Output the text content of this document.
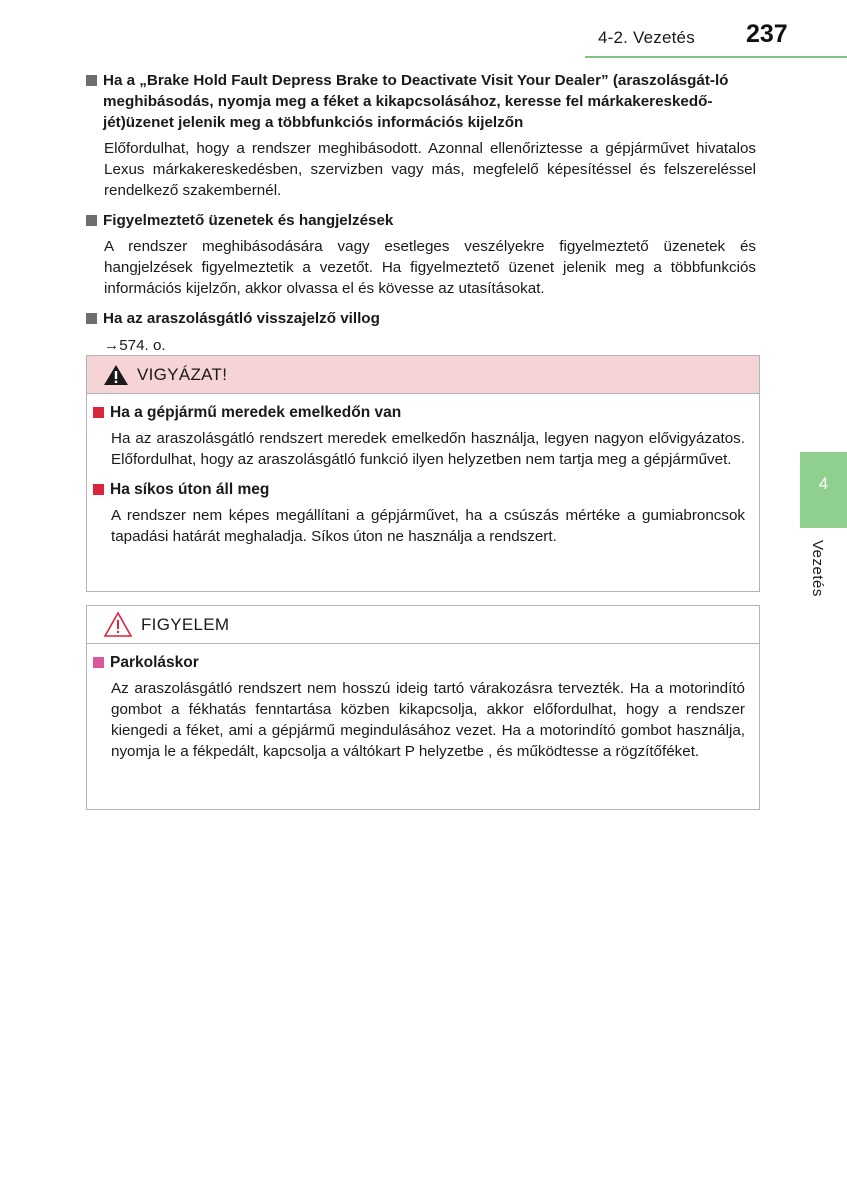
4-2. Vezetés 237
Ha a „Brake Hold Fault Depress Brake to Deactivate Visit Your Dealer” (araszolásgát-ló meghibásodás, nyomja meg a féket a kikapcsolásához, keresse fel márkakereskedő-jét)üzenet jelenik meg a többfunkciós információs kijelzőn
Előfordulhat, hogy a rendszer meghibásodott. Azonnal ellenőriztesse a gépjárművet hivatalos Lexus márkakereskedésben, szervizben vagy más, megfelelő képesítéssel és felszereléssel rendelkező szakembernél.
Figyelmeztető üzenetek és hangjelzések
A rendszer meghibásodására vagy esetleges veszélyekre figyelmeztető üzenetek és hangjelzések figyelmeztetik a vezetőt. Ha figyelmeztető üzenet jelenik meg a többfunkciós információs kijelzőn, akkor olvassa el és kövesse az utasításokat.
Ha az araszolásgátló visszajelző villog
→574. o.
VIGYÁZAT!
Ha a gépjármű meredek emelkedőn van
Ha az araszolásgátló rendszert meredek emelkedőn használja, legyen nagyon elővigyázatos. Előfordulhat, hogy az araszolásgátló funkció ilyen helyzetben nem tartja meg a gépjárművet.
Ha síkos úton áll meg
A rendszer nem képes megállítani a gépjárművet, ha a csúszás mértéke a gumiabroncsok tapadási határát meghaladja. Síkos úton ne használja a rendszert.
FIGYELEM
Parkoláskor
Az araszolásgátló rendszert nem hosszú ideig tartó várakozásra tervezték. Ha a motorindító gombot a fékhatás fenntartása közben kikapcsolja, akkor előfordulhat, hogy a rendszer kiengedi a féket, ami a gépjármű megindulásához vezet. Ha a motorindító gombot használja, nyomja le a fékpedált, kapcsolja a váltókart P helyzetbe , és működtesse a rögzítőféket.
4
Vezetés
